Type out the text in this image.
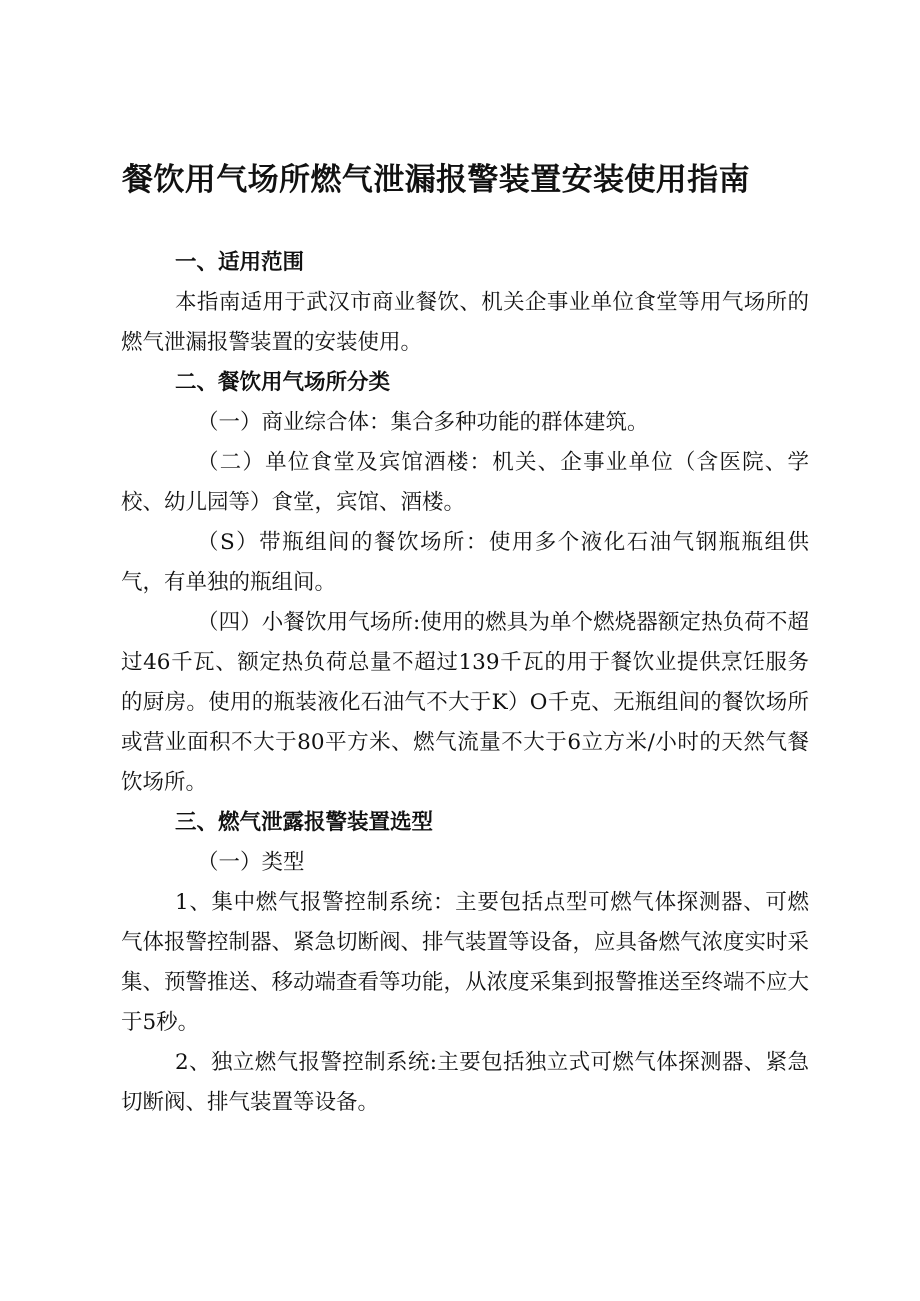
餐饮用气场所燃气泄漏报警装置安装使用指南

一、适用范围

本指南适用于武汉市商业餐饮、机关企事业单位食堂等用气场所的燃气泄漏报警装置的安装使用。

二、餐饮用气场所分类

（一）商业综合体：集合多种功能的群体建筑。

（二）单位食堂及宾馆酒楼：机关、企事业单位（含医院、学校、幼儿园等）食堂，宾馆、酒楼。

（S）带瓶组间的餐饮场所：使用多个液化石油气钢瓶瓶组供气，有单独的瓶组间。

（四）小餐饮用气场所:使用的燃具为单个燃烧器额定热负荷不超过46千瓦、额定热负荷总量不超过139千瓦的用于餐饮业提供烹饪服务的厨房。使用的瓶装液化石油气不大于K）O千克、无瓶组间的餐饮场所或营业面积不大于80平方米、燃气流量不大于6立方米/小时的天然气餐饮场所。

三、燃气泄露报警装置选型

（一）类型

1、集中燃气报警控制系统：主要包括点型可燃气体探测器、可燃气体报警控制器、紧急切断阀、排气装置等设备，应具备燃气浓度实时采集、预警推送、移动端查看等功能，从浓度采集到报警推送至终端不应大于5秒。

2、独立燃气报警控制系统:主要包括独立式可燃气体探测器、紧急切断阀、排气装置等设备。
